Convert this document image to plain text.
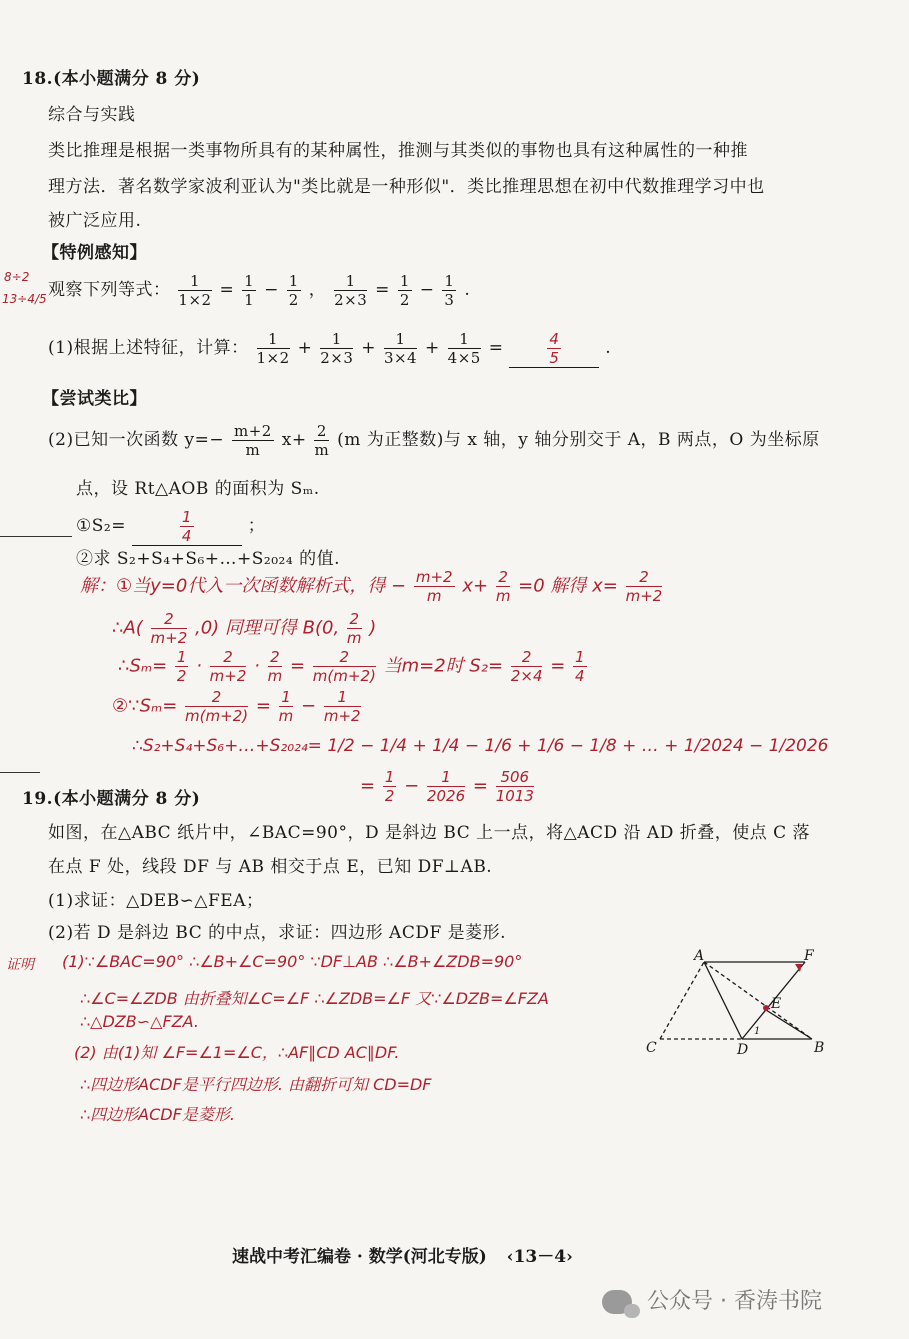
8÷2
13÷4/5
18.(本小题满分 8 分)
综合与实践
类比推理是根据一类事物所具有的某种属性，推测与其类似的事物也具有这种属性的一种推
理方法．著名数学家波利亚认为"类比就是一种形似"．类比推理思想在初中代数推理学习中也
被广泛应用.
【特例感知】
观察下列等式： $\frac{1}{1\times 2} = \frac{1}{1} - \frac{1}{2}$ ， $\frac{1}{2\times 3} = \frac{1}{2} - \frac{1}{3}$ .
(1)根据上述特征，计算： $\frac{1}{1\times 2} + \frac{1}{2\times 3} + \frac{1}{3\times 4} + \frac{1}{4\times 5}$ =	$\frac{4}{5}$	.
【尝试类比】
(2)已知一次函数 $y=- \frac{m+2}{m} x+ \frac{2}{m} (m$ 为正整数)与 x 轴，y 轴分别交于 A，B 两点，O 为坐标原
点，设 Rt△AOB 的面积为 Sₘ.
①S₂=	$\frac{1}{4}$	；
②求 S₂+S₄+S₆+…+S₂₀₂₄ 的值.
解：①当y=0代入一次函数解析式，得 − $\frac{m+2}{m} x+ \frac{2}{m} =0$ 解得 $x= \frac{2}{m+2}$
∴A( $\frac{2}{m+2} ,0$) 同理可得 B(0, $\frac{2}{m}$ )
∴Sₘ= $\frac{1}{2} \cdot \frac{2}{m+2} \cdot \frac{2}{m} = \frac{2}{m(m+2)}$ 当m=2时 $S_2= \frac{2}{2\times 4} = \frac{1}{4}$
②∵Sₘ= $\frac{2}{m(m+2)} = \frac{1}{m} - \frac{1}{m+2}$
∴S₂+S₄+S₆+…+S₂₀₂₄= 1/2 − 1/4 + 1/4 − 1/6 + 1/6 − 1/8 + … + 1/2024 − 1/2026
= $\frac{1}{2} - \frac{1}{2026} = \frac{506}{1013}$
19.(本小题满分 8 分)
如图，在△ABC 纸片中，∠BAC=90°，D 是斜边 BC 上一点，将△ACD 沿 AD 折叠，使点 C 落
在点 F 处，线段 DF 与 AB 相交于点 E，已知 DF⊥AB.
(1)求证：△DEB∽△FEA；
(2)若 D 是斜边 BC 的中点，求证：四边形 ACDF 是菱形.
证明 (1)∵∠BAC=90° ∴∠B+∠C=90° ∵DF⊥AB ∴∠B+∠ZDB=90°
∴∠C=∠ZDB 由折叠知∠C=∠F ∴∠ZDB=∠F 又∵∠DZB=∠FZA
∴△DZB∽△FZA.
(2) 由(1)知 ∠F=∠1=∠C，∴AF∥CD AC∥DF.
∴四边形ACDF是平行四边形. 由翻折可知 CD=DF
∴四边形ACDF是菱形.
A	F
E
C	D	B
1
速战中考汇编卷 · 数学(河北专版) ‹13－4›
公众号 · 香涛书院
